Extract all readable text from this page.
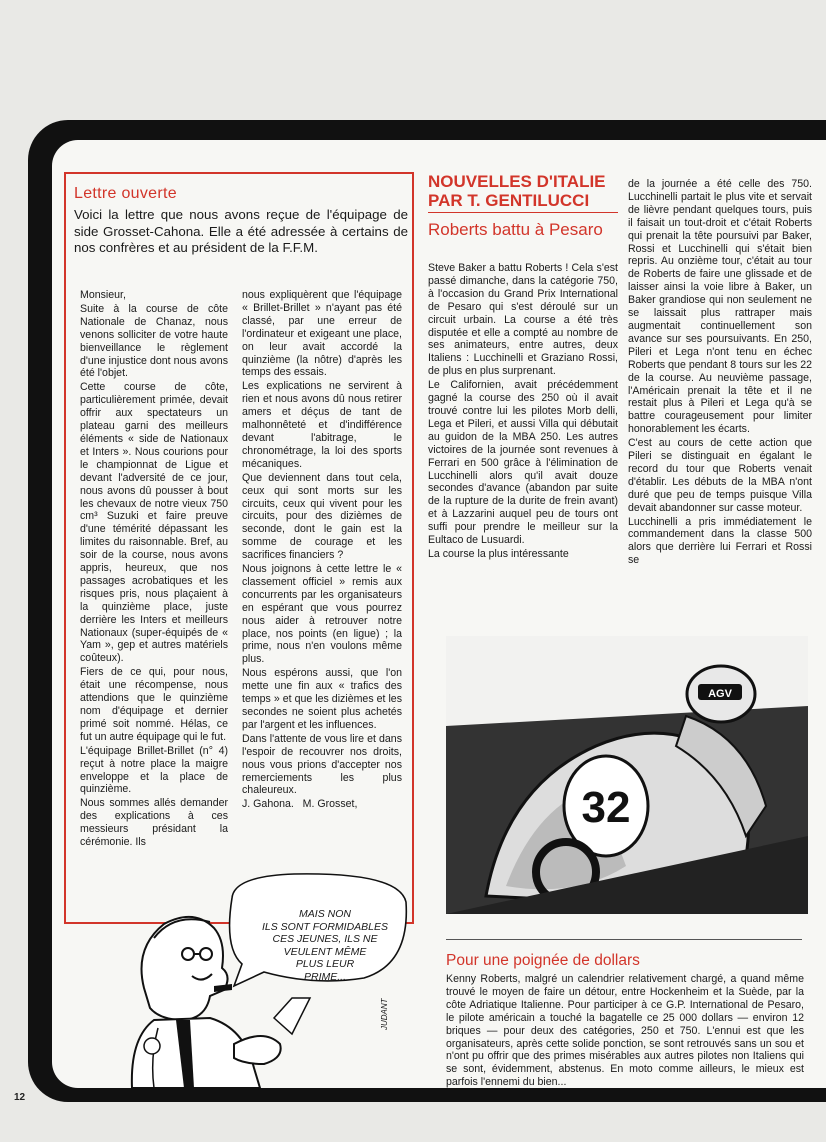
Lettre ouverte

Voici la lettre que nous avons reçue de l'équipage de side Grosset-Cahona. Elle a été adressée à certains de nos confrères et au président de la F.F.M.

Monsieur,

Suite à la course de côte Nationale de Chanaz, nous venons solliciter de votre haute bienveillance le règlement d'une injustice dont nous avons été l'objet.

Cette course de côte, particulièrement primée, devait offrir aux spectateurs un plateau garni des meilleurs éléments « side de Nationaux et Inters ». Nous courions pour le championnat de Ligue et devant l'adversité de ce jour, nous avons dû pousser à bout les chevaux de notre vieux 750 cm³ Suzuki et faire preuve d'une témérité dépassant les limites du raisonnable. Bref, au soir de la course, nous avons appris, heureux, que nos passages acrobatiques et les risques pris, nous plaçaient à la quinzième place, juste derrière les Inters et meilleurs Nationaux (super-équipés de « Yam », gep et autres matériels coûteux).

Fiers de ce qui, pour nous, était une récompense, nous attendions que le quinzième nom d'équipage et dernier primé soit nommé. Hélas, ce fut un autre équipage qui le fut.

L'équipage Brillet-Brillet (n° 4) reçut à notre place la maigre enveloppe et la place de quinzième.

Nous sommes allés demander des explications à ces messieurs présidant la cérémonie. Ils

nous expliquèrent que l'équipage « Brillet-Brillet » n'ayant pas été classé, par une erreur de l'ordinateur et exigeant une place, on leur avait accordé la quinzième (la nôtre) d'après les temps des essais.

Les explications ne servirent à rien et nous avons dû nous retirer amers et déçus de tant de malhonnêteté et d'indifférence devant l'abitrage, le chronométrage, la loi des sports mécaniques.

Que deviennent dans tout cela, ceux qui sont morts sur les circuits, ceux qui vivent pour les circuits, pour des dizièmes de seconde, dont le gain est la somme de courage et les sacrifices financiers ?

Nous joignons à cette lettre le « classement officiel » remis aux concurrents par les organisateurs en espérant que vous pourrez nous aider à retrouver notre place, nos points (en ligue) ; la prime, nous n'en voulons même plus.

Nous espérons aussi, que l'on mette une fin aux « trafics des temps » et que les dizièmes et les secondes ne soient plus achetés par l'argent et les influences.

Dans l'attente de vous lire et dans l'espoir de recouvrer nos droits, nous vous prions d'accepter nos remerciements les plus chaleureux.

J. Gahona.   M. Grosset,

MAIS NON
ILS SONT FORMIDABLES
CES JEUNES, ILS NE
VEULENT MÊME
PLUS LEUR
PRIME...
JUDANT
NOUVELLES D'ITALIE PAR T. GENTILUCCI
Roberts battu à Pesaro

Steve Baker a battu Roberts ! Cela s'est passé dimanche, dans la catégorie 750, à l'occasion du Grand Prix International de Pesaro qui s'est déroulé sur un circuit urbain. La course a été très disputée et elle a compté au nombre de ses animateurs, entre autres, deux Italiens : Lucchinelli et Graziano Rossi, de plus en plus surprenant.

Le Californien, avait précédemment gagné la course des 250 où il avait trouvé contre lui les pilotes Morb delli, Lega et Pileri, et aussi Villa qui débutait au guidon de la MBA 250. Les autres victoires de la journée sont revenues à Ferrari en 500 grâce à l'élimination de Lucchinelli alors qu'il avait douze secondes d'avance (abandon par suite de la rupture de la durite de frein avant) et à Lazzarini auquel peu de tours ont suffi pour prendre le meilleur sur la Eultaco de Lusuardi.

La course la plus intéressante

de la journée a été celle des 750. Lucchinelli partait le plus vite et servait de lièvre pendant quelques tours, puis il faisait un tout-droit et c'était Roberts qui prenait la tête poursuivi par Baker, Rossi et Lucchinelli qui s'était bien repris. Au onzième tour, c'était au tour de Roberts de faire une glissade et de laisser ainsi la voie libre à Baker, un Baker grandiose qui non seulement ne se laissait plus rattraper mais augmentait continuellement son avance sur ses poursuivants. En 250, Pileri et Lega n'ont tenu en échec Roberts que pendant 8 tours sur les 22 de la course. Au neuvième passage, l'Américain prenait la tête et il ne restait plus à Pileri et Lega qu'à se battre courageusement pour limiter honorablement les écarts.

C'est au cours de cette action que Pileri se distinguait en égalant le record du tour que Roberts venait d'établir. Les débuts de la MBA n'ont duré que peu de temps puisque Villa devait abandonner sur casse moteur.

Lucchinelli a pris immédiatement le commandement dans la classe 500 alors que derrière lui Ferrari et Rossi se

32
AGV
Pour une poignée de dollars

Kenny Roberts, malgré un calendrier relativement chargé, a quand même trouvé le moyen de faire un détour, entre Hockenheim et la Suède, par la côte Adriatique Italienne. Pour participer à ce G.P. International de Pesaro, le pilote américain a touché la bagatelle ce 25 000 dollars — environ 12 briques — pour deux des catégories, 250 et 750. L'ennui est que les organisateurs, après cette solide ponction, se sont retrouvés sans un sou et n'ont pu offrir que des primes misérables aux autres pilotes non Italiens qui se sont, évidemment, abstenus. En moto comme ailleurs, le mieux est parfois l'ennemi du bien...

12
